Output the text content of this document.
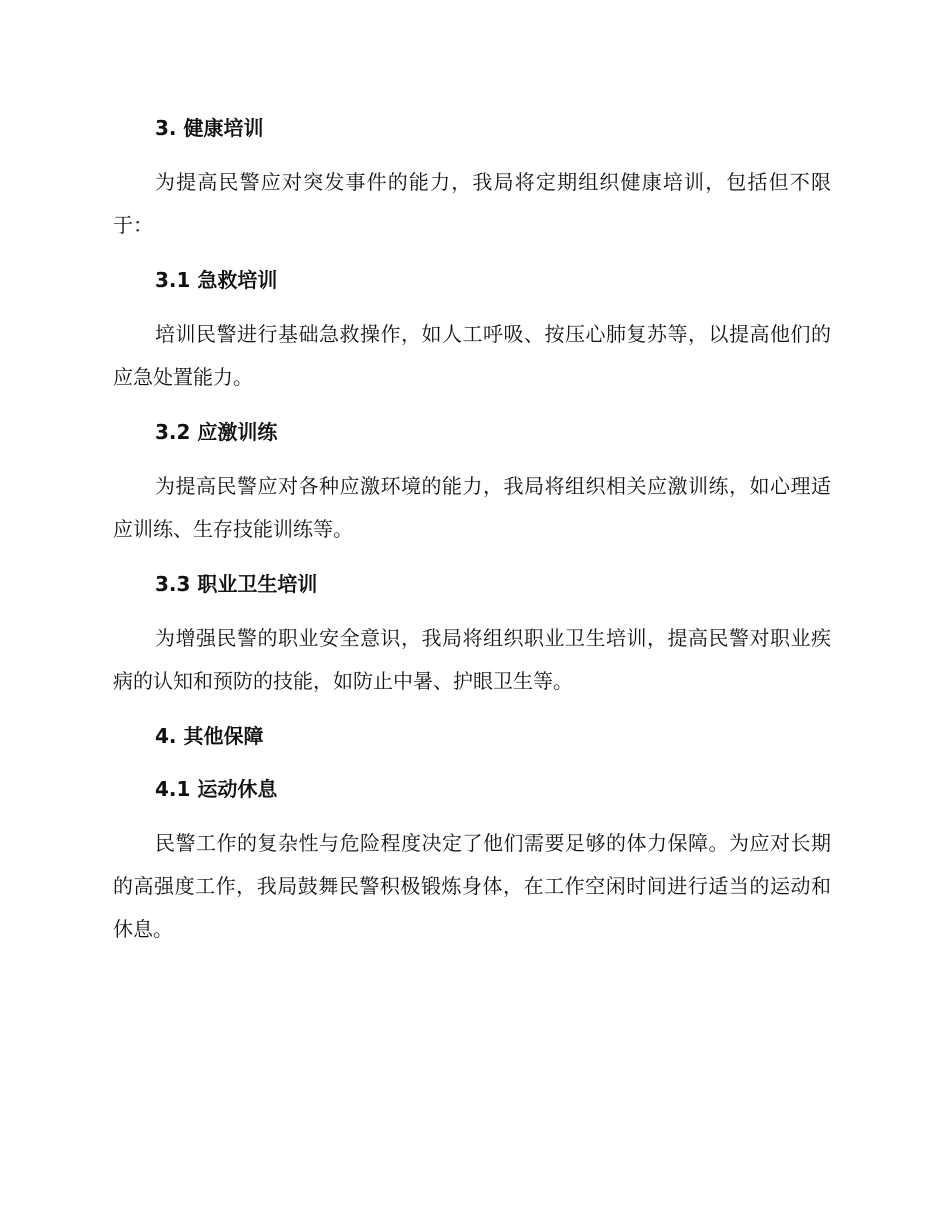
3. 健康培训

为提高民警应对突发事件的能力，我局将定期组织健康培训，包括但不限于：

3.1 急救培训

培训民警进行基础急救操作，如人工呼吸、按压心肺复苏等，以提高他们的应急处置能力。

3.2 应激训练

为提高民警应对各种应激环境的能力，我局将组织相关应激训练，如心理适应训练、生存技能训练等。

3.3 职业卫生培训

为增强民警的职业安全意识，我局将组织职业卫生培训，提高民警对职业疾病的认知和预防的技能，如防止中暑、护眼卫生等。

4. 其他保障

4.1 运动休息

民警工作的复杂性与危险程度决定了他们需要足够的体力保障。为应对长期的高强度工作，我局鼓舞民警积极锻炼身体，在工作空闲时间进行适当的运动和休息。
